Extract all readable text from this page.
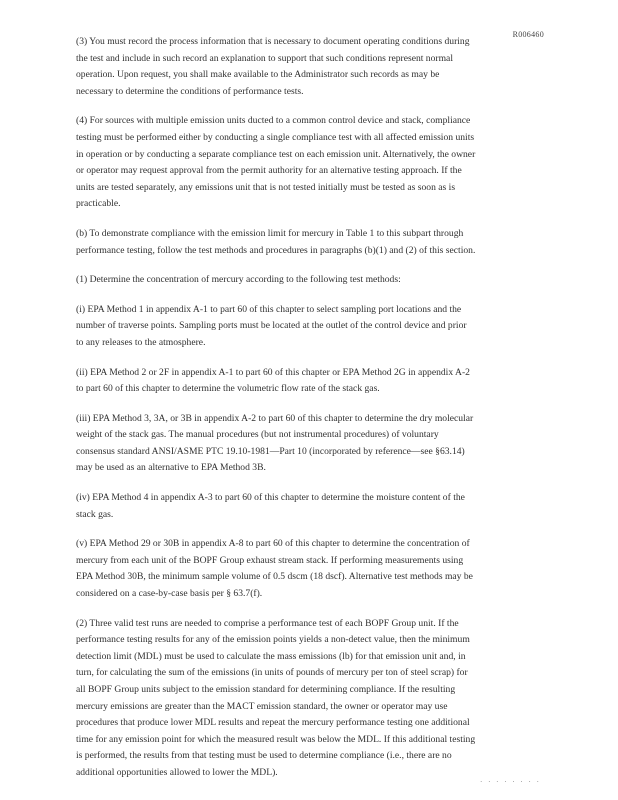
R006460

(3) You must record the process information that is necessary to document operating conditions during the test and include in such record an explanation to support that such conditions represent normal operation. Upon request, you shall make available to the Administrator such records as may be necessary to determine the conditions of performance tests.

(4) For sources with multiple emission units ducted to a common control device and stack, compliance testing must be performed either by conducting a single compliance test with all affected emission units in operation or by conducting a separate compliance test on each emission unit. Alternatively, the owner or operator may request approval from the permit authority for an alternative testing approach. If the units are tested separately, any emissions unit that is not tested initially must be tested as soon as is practicable.

(b) To demonstrate compliance with the emission limit for mercury in Table 1 to this subpart through performance testing, follow the test methods and procedures in paragraphs (b)(1) and (2) of this section.

(1) Determine the concentration of mercury according to the following test methods:

(i) EPA Method 1 in appendix A-1 to part 60 of this chapter to select sampling port locations and the number of traverse points. Sampling ports must be located at the outlet of the control device and prior to any releases to the atmosphere.

(ii) EPA Method 2 or 2F in appendix A-1 to part 60 of this chapter or EPA Method 2G in appendix A-2 to part 60 of this chapter to determine the volumetric flow rate of the stack gas.

(iii) EPA Method 3, 3A, or 3B in appendix A-2 to part 60 of this chapter to determine the dry molecular weight of the stack gas. The manual procedures (but not instrumental procedures) of voluntary consensus standard ANSI/ASME PTC 19.10-1981—Part 10 (incorporated by reference—see §63.14) may be used as an alternative to EPA Method 3B.

(iv) EPA Method 4 in appendix A-3 to part 60 of this chapter to determine the moisture content of the stack gas.

(v) EPA Method 29 or 30B in appendix A-8 to part 60 of this chapter to determine the concentration of mercury from each unit of the BOPF Group exhaust stream stack. If performing measurements using EPA Method 30B, the minimum sample volume of 0.5 dscm (18 dscf). Alternative test methods may be considered on a case-by-case basis per § 63.7(f).

(2) Three valid test runs are needed to comprise a performance test of each BOPF Group unit. If the performance testing results for any of the emission points yields a non-detect value, then the minimum detection limit (MDL) must be used to calculate the mass emissions (lb) for that emission unit and, in turn, for calculating the sum of the emissions (in units of pounds of mercury per ton of steel scrap) for all BOPF Group units subject to the emission standard for determining compliance. If the resulting mercury emissions are greater than the MACT emission standard, the owner or operator may use procedures that produce lower MDL results and repeat the mercury performance testing one additional time for any emission point for which the measured result was below the MDL. If this additional testing is performed, the results from that testing must be used to determine compliance (i.e., there are no additional opportunities allowed to lower the MDL).

· · · · · · · ·
